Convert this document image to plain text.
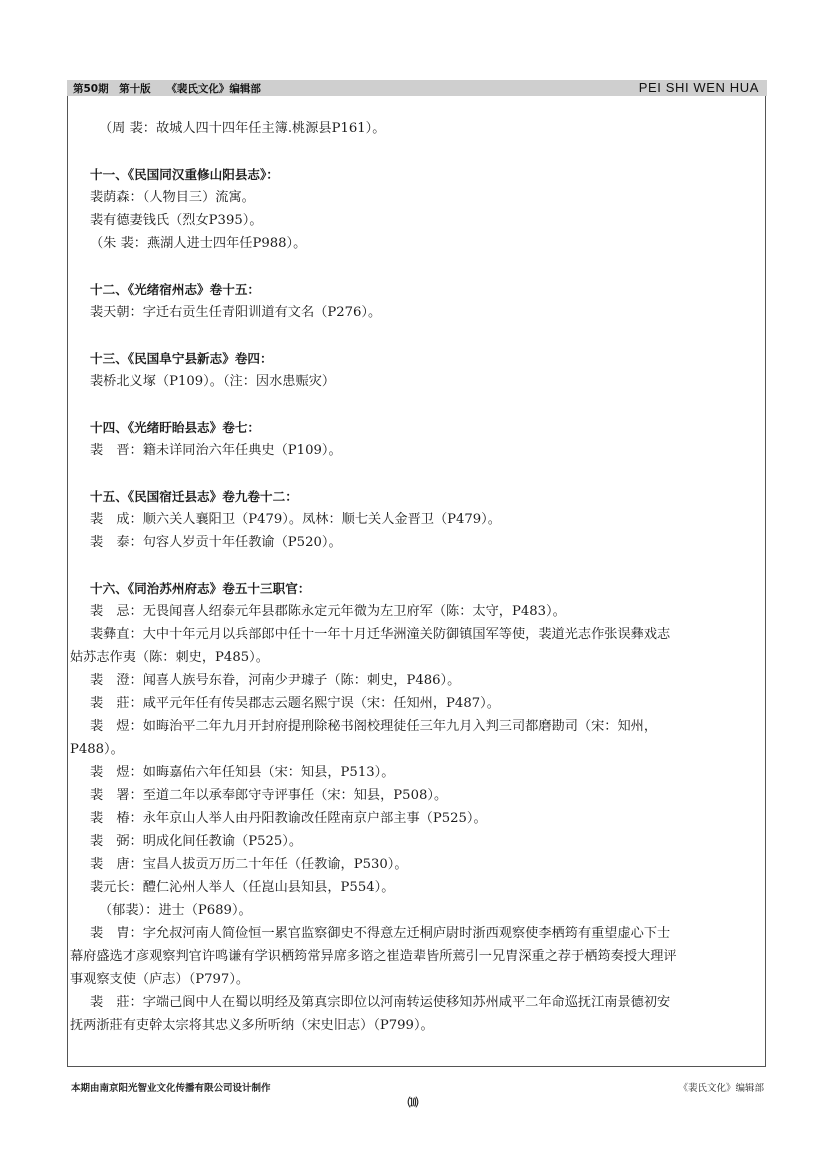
第50期　第十版　　《裴氏文化》编辑部	PEI SHI WEN HUA
（周 裴：故城人四十四年任主簿.桃源县P161）。
十一、《民国同汉重修山阳县志》：
裴荫森：（人物目三）流寓。
裴有德妻钱氏（烈女P395）。
（朱 裴：燕湖人进士四年任P988）。
十二、《光绪宿州志》卷十五：
裴天朝：字迁右贡生任青阳训道有文名（P276）。
十三、《民国阜宁县新志》卷四：
裴桥北义塚（P109）。（注：因水患赈灾）
十四、《光绪盱眙县志》卷七：
裴　晋：籍未详同治六年任典史（P109）。
十五、《民国宿迁县志》卷九卷十二：
裴　成：顺六关人襄阳卫（P479）。凤林：顺七关人金晋卫（P479）。
裴　泰：句容人岁贡十年任教谕（P520）。
十六、《同治苏州府志》卷五十三职官：
裴　忌：无畏闻喜人绍泰元年县郡陈永定元年微为左卫府军（陈：太守，P483）。
裴彝直：大中十年元月以兵部郎中任十一年十月迁华洲潼关防御镇国军等使，裴道光志作张误彝戏志
姑苏志作夷（陈：刺史，P485）。
裴　澄：闻喜人族号东眷，河南少尹璩子（陈：刺史，P486）。
裴　莊：咸平元年任有传吴郡志云题名熙宁误（宋：任知州，P487）。
裴　煜：如晦治平二年九月开封府提刑除秘书阁校理徒任三年九月入判三司都磨勘司（宋：知州，
P488）。
裴　煜：如晦嘉佑六年任知县（宋：知县，P513）。
裴　署：至道二年以承奉郎守寺评事任（宋：知县，P508）。
裴　椿：永年京山人举人由丹阳教谕改任陞南京户部主事（P525）。
裴　弼：明成化间任教谕（P525）。
裴　唐：宝昌人拔贡万历二十年任（任教谕，P530）。
裴元长：醴仁沁州人举人（任崑山县知县，P554）。
（郁裴）：进士（P689）。
裴　胄：字允叔河南人简俭恒一累官监察御史不得意左迁桐庐尉时浙西观察使李栖筠有重望虚心下士
幕府盛选才彦观察判官许鸣谦有学识栖筠常异席多谘之崔造辈皆所蔫引一兄胄深重之荐于栖筠奏授大理评
事观察支使（庐志）（P797）。
裴　莊：字端己阆中人在蜀以明经及第真宗即位以河南转运使移知苏州咸平二年命巡抚江南景德初安
抚两浙莊有吏幹太宗将其忠义多所听纳（宋史旧志）（P799）。
本期由南京阳光智业文化传播有限公司设计制作	《裴氏文化》编辑部
⑽
